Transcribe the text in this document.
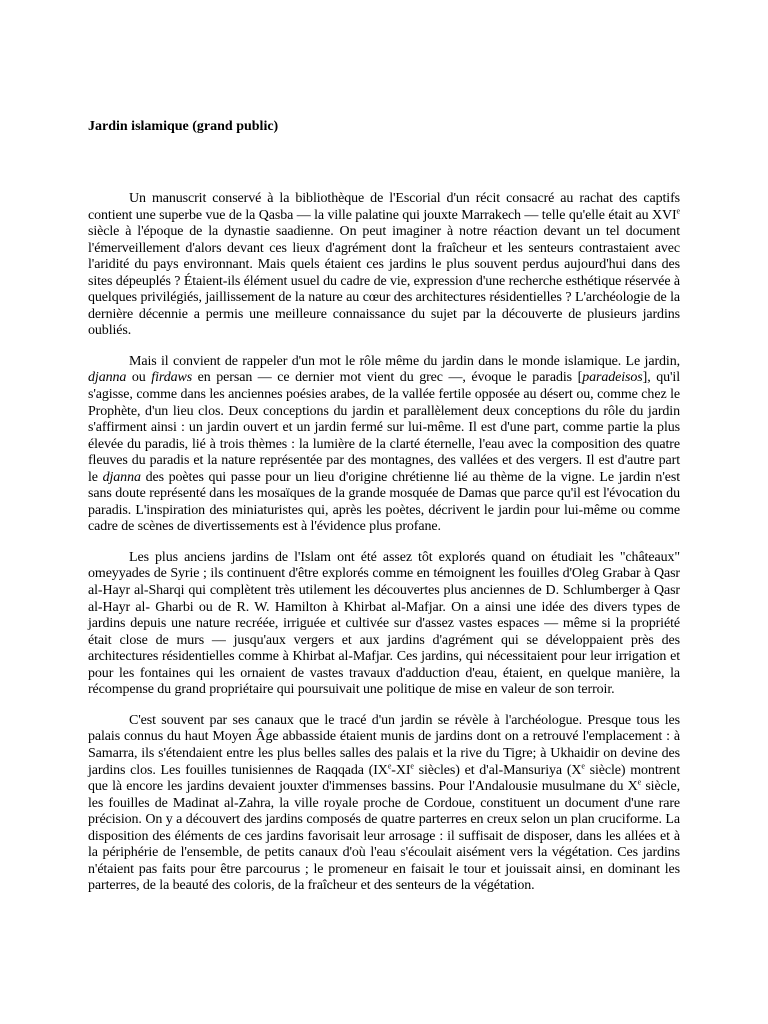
Jardin islamique (grand public)

Un manuscrit conservé à la bibliothèque de l'Escorial d'un récit consacré au rachat des captifs contient une superbe vue de la Qasba — la ville palatine qui jouxte Marrakech — telle qu'elle était au XVIe siècle à l'époque de la dynastie saadienne. On peut imaginer à notre réaction devant un tel document l'émerveillement d'alors devant ces lieux d'agrément dont la fraîcheur et les senteurs contrastaient avec l'aridité du pays environnant. Mais quels étaient ces jardins le plus souvent perdus aujourd'hui dans des sites dépeuplés ? Étaient-ils élément usuel du cadre de vie, expression d'une recherche esthétique réservée à quelques privilégiés, jaillissement de la nature au cœur des architectures résidentielles ? L'archéologie de la dernière décennie a permis une meilleure connaissance du sujet par la découverte de plusieurs jardins oubliés.

Mais il convient de rappeler d'un mot le rôle même du jardin dans le monde islamique. Le jardin, djanna ou firdaws en persan — ce dernier mot vient du grec —, évoque le paradis [paradeisos], qu'il s'agisse, comme dans les anciennes poésies arabes, de la vallée fertile opposée au désert ou, comme chez le Prophète, d'un lieu clos. Deux conceptions du jardin et parallèlement deux conceptions du rôle du jardin s'affirment ainsi : un jardin ouvert et un jardin fermé sur lui-même. Il est d'une part, comme partie la plus élevée du paradis, lié à trois thèmes : la lumière de la clarté éternelle, l'eau avec la composition des quatre fleuves du paradis et la nature représentée par des montagnes, des vallées et des vergers. Il est d'autre part le djanna des poètes qui passe pour un lieu d'origine chrétienne lié au thème de la vigne. Le jardin n'est sans doute représenté dans les mosaïques de la grande mosquée de Damas que parce qu'il est l'évocation du paradis. L'inspiration des miniaturistes qui, après les poètes, décrivent le jardin pour lui-même ou comme cadre de scènes de divertissements est à l'évidence plus profane.

Les plus anciens jardins de l'Islam ont été assez tôt explorés quand on étudiait les "châteaux" omeyyades de Syrie ; ils continuent d'être explorés comme en témoignent les fouilles d'Oleg Grabar à Qasr al-Hayr al-Sharqi qui complètent très utilement les découvertes plus anciennes de D. Schlumberger à Qasr al-Hayr al- Gharbi ou de R. W. Hamilton à Khirbat al-Mafjar. On a ainsi une idée des divers types de jardins depuis une nature recréée, irriguée et cultivée sur d'assez vastes espaces — même si la propriété était close de murs — jusqu'aux vergers et aux jardins d'agrément qui se développaient près des architectures résidentielles comme à Khirbat al-Mafjar. Ces jardins, qui nécessitaient pour leur irrigation et pour les fontaines qui les ornaient de vastes travaux d'adduction d'eau, étaient, en quelque manière, la récompense du grand propriétaire qui poursuivait une politique de mise en valeur de son terroir.

C'est souvent par ses canaux que le tracé d'un jardin se révèle à l'archéologue. Presque tous les palais connus du haut Moyen Âge abbasside étaient munis de jardins dont on a retrouvé l'emplacement : à Samarra, ils s'étendaient entre les plus belles salles des palais et la rive du Tigre; à Ukhaidir on devine des jardins clos. Les fouilles tunisiennes de Raqqada (IXe-XIe siècles) et d'al-Mansuriya (Xe siècle) montrent que là encore les jardins devaient jouxter d'immenses bassins. Pour l'Andalousie musulmane du Xe siècle, les fouilles de Madinat al-Zahra, la ville royale proche de Cordoue, constituent un document d'une rare précision. On y a découvert des jardins composés de quatre parterres en creux selon un plan cruciforme. La disposition des éléments de ces jardins favorisait leur arrosage : il suffisait de disposer, dans les allées et à la périphérie de l'ensemble, de petits canaux d'où l'eau s'écoulait aisément vers la végétation. Ces jardins n'étaient pas faits pour être parcourus ; le promeneur en faisait le tour et jouissait ainsi, en dominant les parterres, de la beauté des coloris, de la fraîcheur et des senteurs de la végétation.
